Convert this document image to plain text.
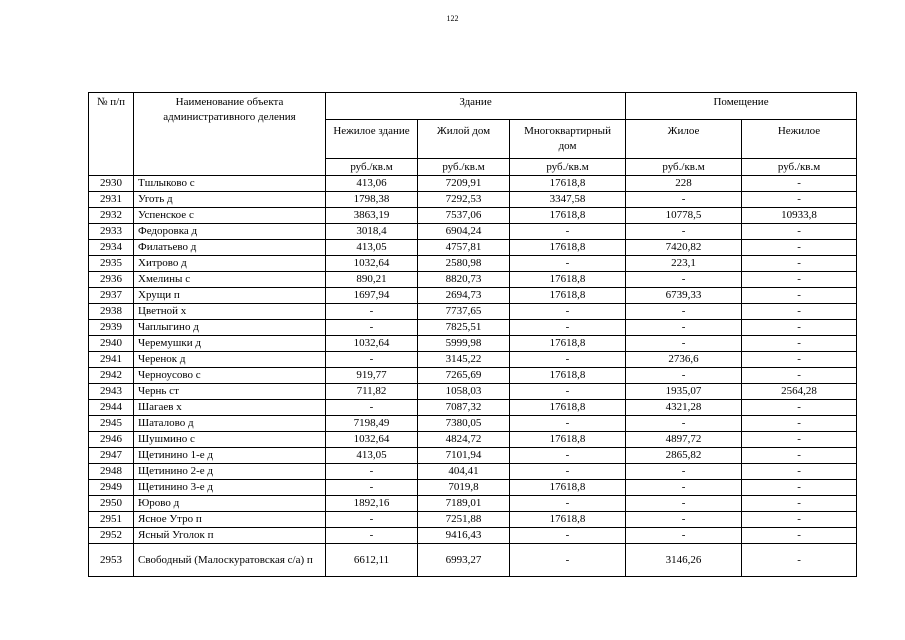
122
№ п/п	Наименование объекта административного деления	Здание			Помещение	
		Нежилое здание	Жилой дом	Многоквартирный дом	Жилое	Нежилое
		руб./кв.м	руб./кв.м	руб./кв.м	руб./кв.м	руб./кв.м
2930	Тшлыково с	413,06	7209,91	17618,8	228	-
2931	Уготь д	1798,38	7292,53	3347,58	-	-
2932	Успенское с	3863,19	7537,06	17618,8	10778,5	10933,8
2933	Федоровка д	3018,4	6904,24	-	-	-
2934	Филатьево д	413,05	4757,81	17618,8	7420,82	-
2935	Хитрово д	1032,64	2580,98	-	223,1	-
2936	Хмелины с	890,21	8820,73	17618,8	-	-
2937	Хрущи п	1697,94	2694,73	17618,8	6739,33	-
2938	Цветной х	-	7737,65	-	-	-
2939	Чаплыгино д	-	7825,51	-	-	-
2940	Черемушки д	1032,64	5999,98	17618,8	-	-
2941	Черенок д	-	3145,22	-	2736,6	-
2942	Черноусово с	919,77	7265,69	17618,8	-	-
2943	Чернь ст	711,82	1058,03	-	1935,07	2564,28
2944	Шагаев х	-	7087,32	17618,8	4321,28	-
2945	Шаталово д	7198,49	7380,05	-	-	-
2946	Шушмино с	1032,64	4824,72	17618,8	4897,72	-
2947	Щетинино 1-е д	413,05	7101,94	-	2865,82	-
2948	Щетинино 2-е д	-	404,41	-	-	-
2949	Щетинино 3-е д	-	7019,8	17618,8	-	-
2950	Юрово д	1892,16	7189,01	-	-	-
2951	Ясное Утро п	-	7251,88	17618,8	-	-
2952	Ясный Уголок п	-	9416,43	-	-	-
2953	Свободный (Малоскуратовская с/а) п	6612,11	6993,27	-	3146,26	-
